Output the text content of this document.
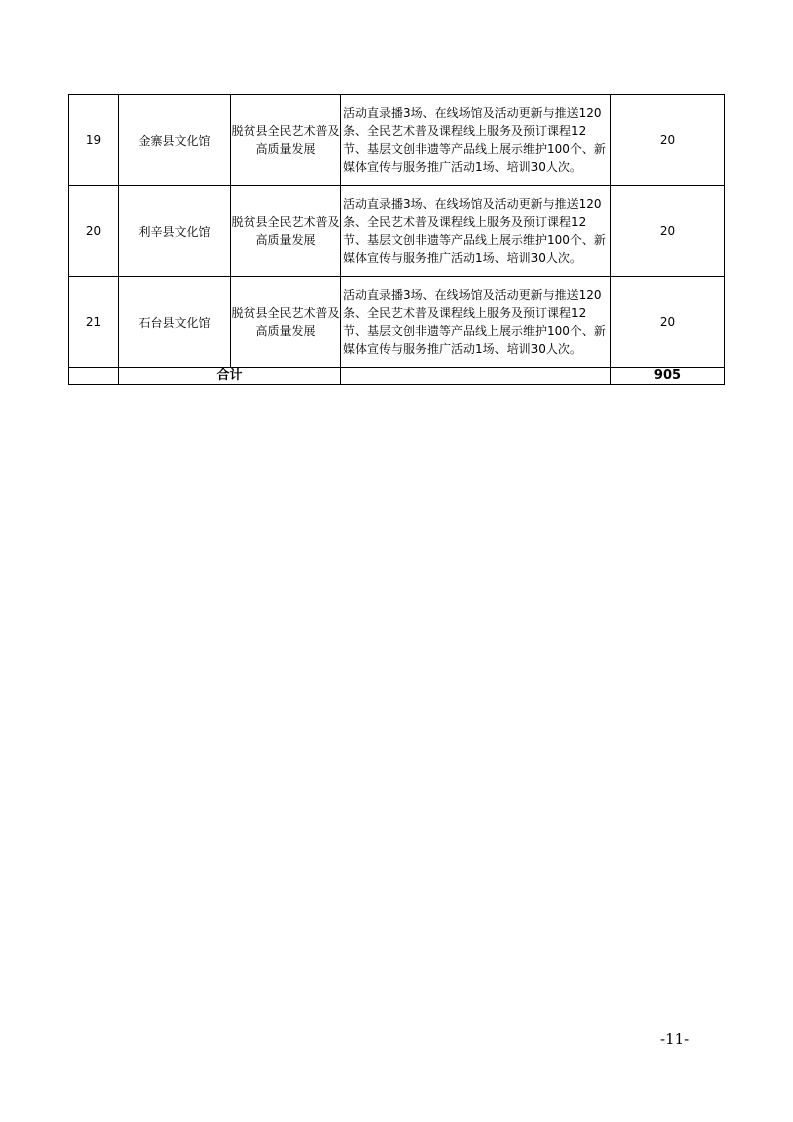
19	金寨县文化馆	脱贫县全民艺术普及高质量发展	活动直录播3场、在线场馆及活动更新与推送120条、全民艺术普及课程线上服务及预订课程12节、基层文创非遗等产品线上展示维护100个、新媒体宣传与服务推广活动1场、培训30人次。	20
20	利辛县文化馆	脱贫县全民艺术普及高质量发展	活动直录播3场、在线场馆及活动更新与推送120条、全民艺术普及课程线上服务及预订课程12节、基层文创非遗等产品线上展示维护100个、新媒体宣传与服务推广活动1场、培训30人次。	20
21	石台县文化馆	脱贫县全民艺术普及高质量发展	活动直录播3场、在线场馆及活动更新与推送120条、全民艺术普及课程线上服务及预订课程12节、基层文创非遗等产品线上展示维护100个、新媒体宣传与服务推广活动1场、培训30人次。	20
	合计			905
-11-
